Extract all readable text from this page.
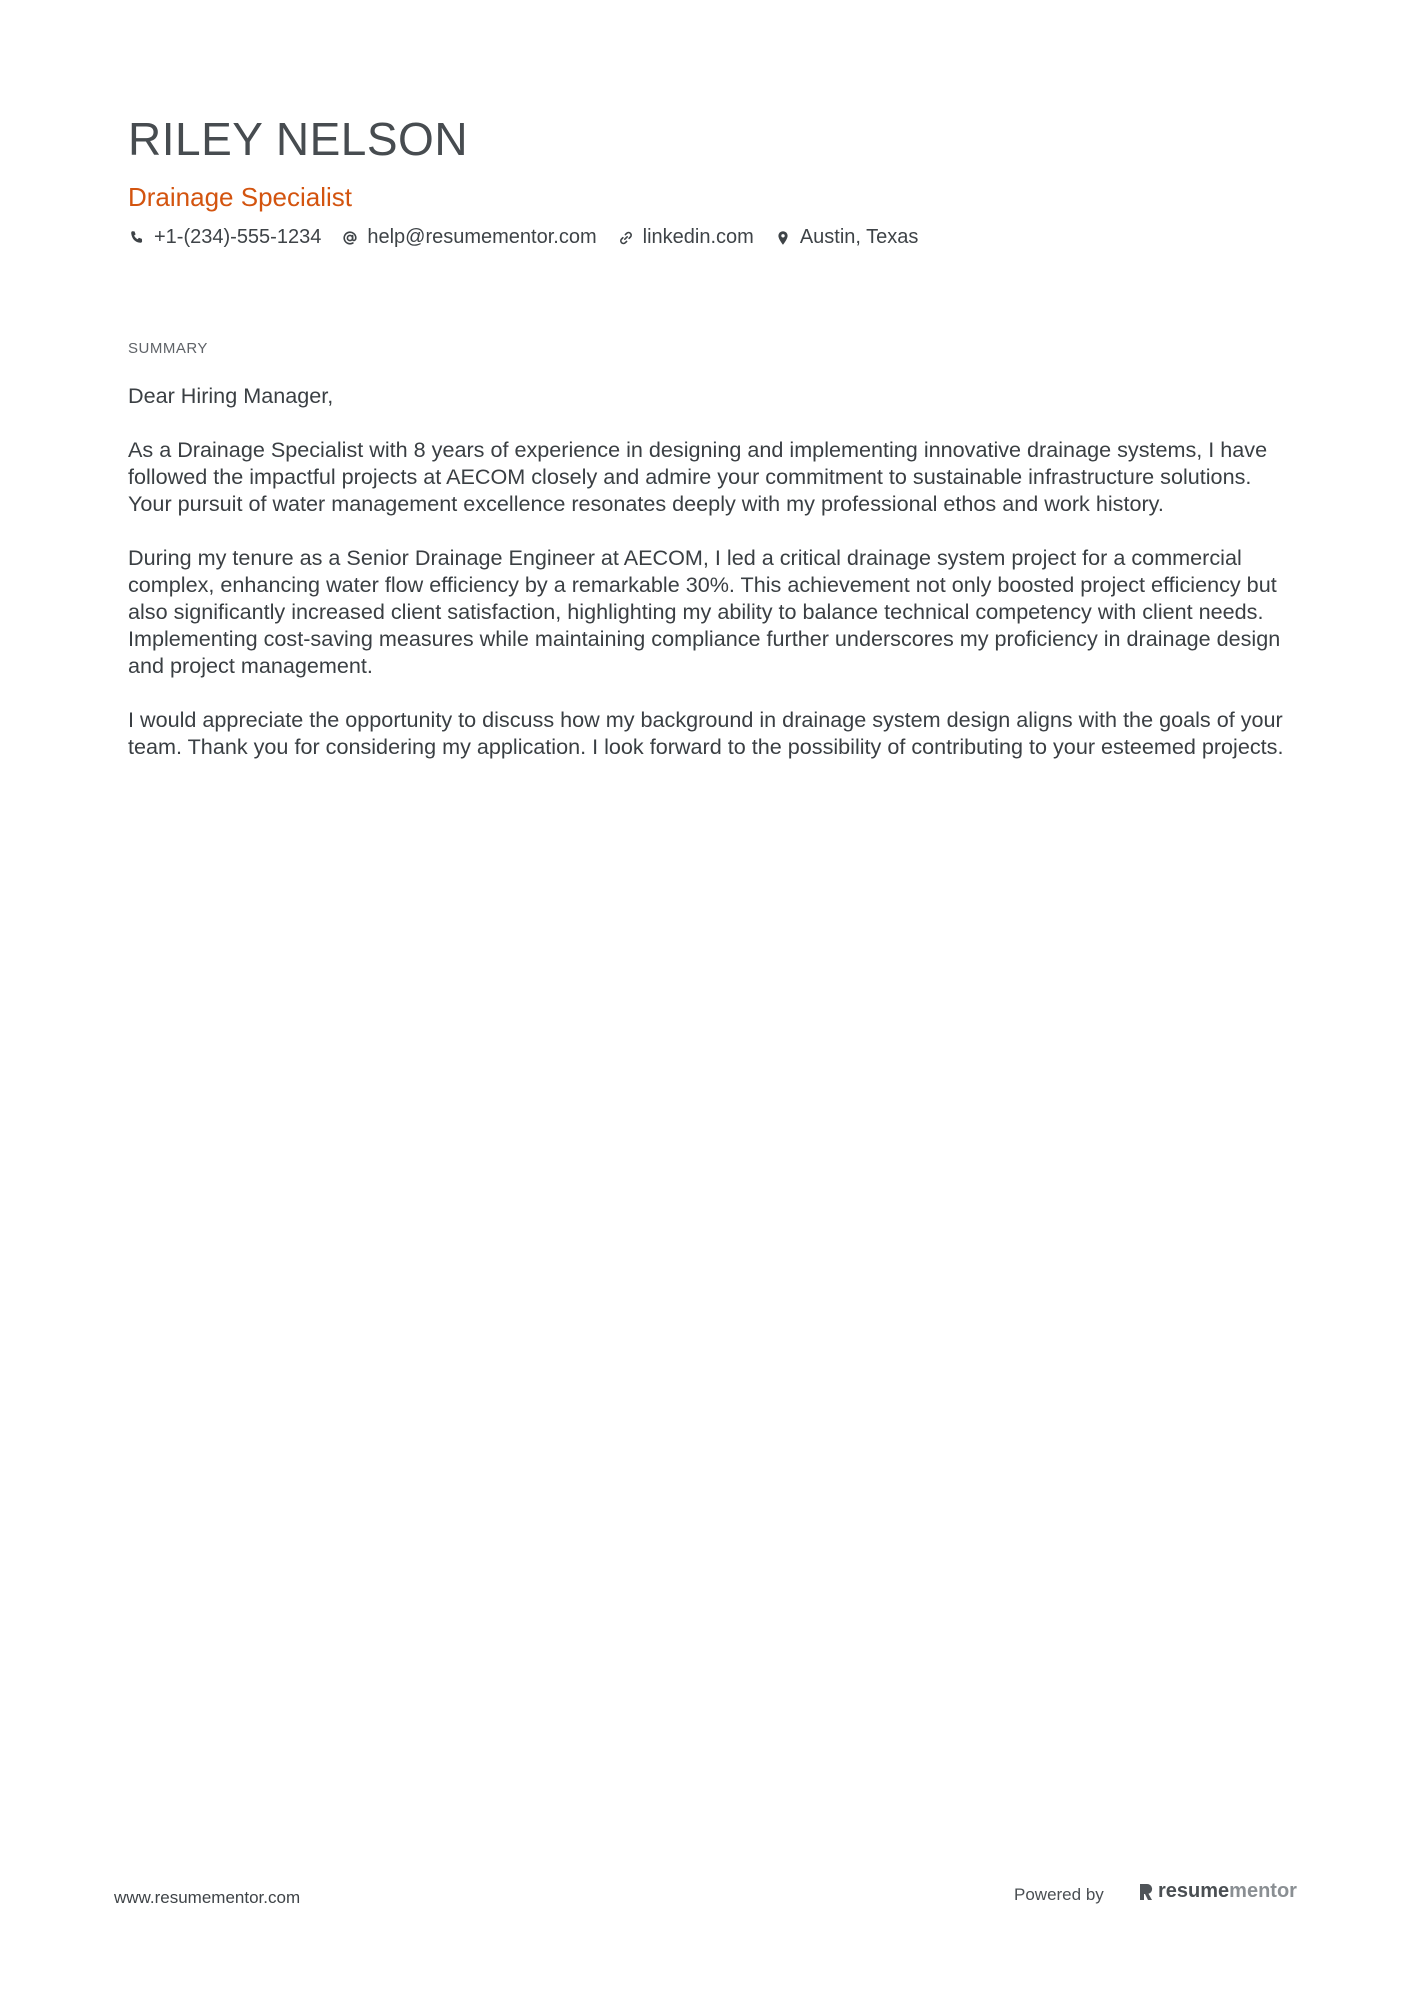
RILEY NELSON
Drainage Specialist
+1-(234)-555-1234 help@resumementor.com linkedin.com Austin, Texas
SUMMARY

Dear Hiring Manager,

As a Drainage Specialist with 8 years of experience in designing and implementing innovative drainage systems, I have followed the impactful projects at AECOM closely and admire your commitment to sustainable infrastructure solutions. Your pursuit of water management excellence resonates deeply with my professional ethos and work history.

During my tenure as a Senior Drainage Engineer at AECOM, I led a critical drainage system project for a commercial complex, enhancing water flow efficiency by a remarkable 30%. This achievement not only boosted project efficiency but also significantly increased client satisfaction, highlighting my ability to balance technical competency with client needs. Implementing cost-saving measures while maintaining compliance further underscores my proficiency in drainage design and project management.

I would appreciate the opportunity to discuss how my background in drainage system design aligns with the goals of your team. Thank you for considering my application. I look forward to the possibility of contributing to your esteemed projects.

www.resumementor.com	Powered by	resume mentor
